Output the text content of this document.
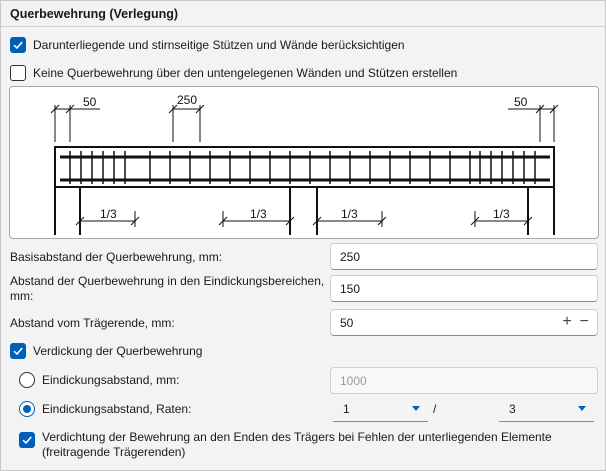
Querbewehrung (Verlegung)
Darunterliegende und stirnseitige Stützen und Wände berücksichtigen
Keine Querbewehrung über den untengelegenen Wänden und Stützen erstellen
50	250	50
1/3	1/3	1/3	1/3
Basisabstand der Querbewehrung, mm:	250
Abstand der Querbewehrung in den Eindickungsbereichen, mm:
150
Abstand vom Trägerende, mm:	50	+ −
Verdickung der Querbewehrung
Eindickungsabstand, mm:	1000
Eindickungsabstand, Raten:	1	/	3
Verdichtung der Bewehrung an den Enden des Trägers bei Fehlen der unterliegenden Elemente (freitragende Trägerenden)
